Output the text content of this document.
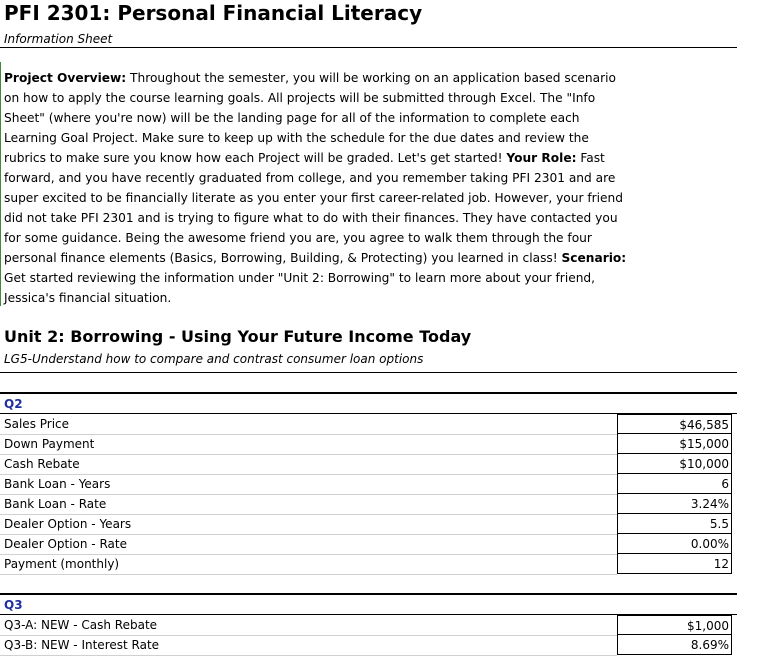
PFI 2301: Personal Financial Literacy
Information Sheet
Project Overview: Throughout the semester, you will be working on an application based scenario on how to apply the course learning goals. All projects will be submitted through Excel. The "Info Sheet" (where you're now) will be the landing page for all of the information to complete each Learning Goal Project. Make sure to keep up with the schedule for the due dates and review the rubrics to make sure you know how each Project will be graded. Let's get started! Your Role: Fast forward, and you have recently graduated from college, and you remember taking PFI 2301 and are super excited to be financially literate as you enter your first career-related job. However, your friend did not take PFI 2301 and is trying to figure what to do with their finances. They have contacted you for some guidance. Being the awesome friend you are, you agree to walk them through the four personal finance elements (Basics, Borrowing, Building, & Protecting) you learned in class! Scenario: Get started reviewing the information under "Unit 2: Borrowing" to learn more about your friend, Jessica's financial situation.
Unit 2: Borrowing - Using Your Future Income Today
LG5-Understand how to compare and contrast consumer loan options
Q2
Sales Price	$46,585
Down Payment	$15,000
Cash Rebate	$10,000
Bank Loan - Years	6
Bank Loan - Rate	3.24%
Dealer Option - Years	5.5
Dealer Option - Rate	0.00%
Payment (monthly)	12
Q3
Q3-A: NEW - Cash Rebate	$1,000
Q3-B: NEW - Interest Rate	8.69%
